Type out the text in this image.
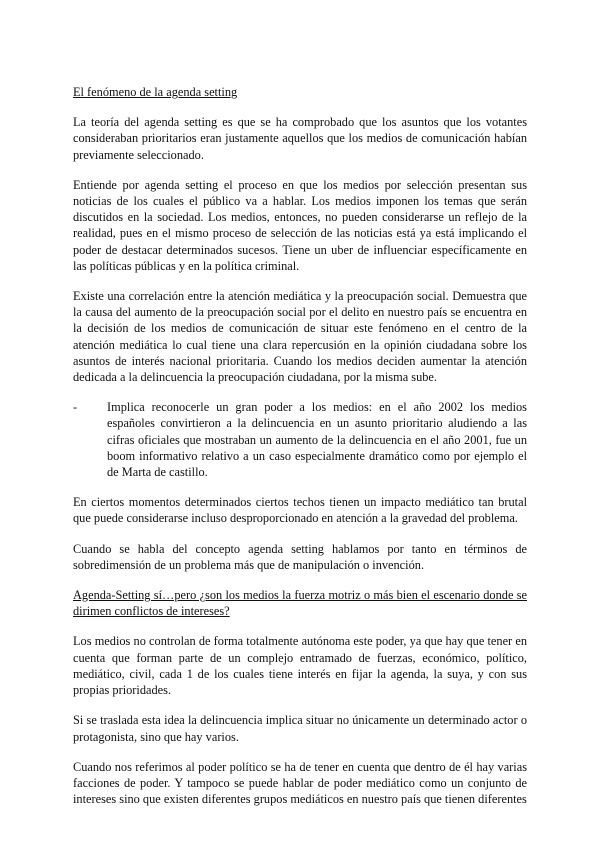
El fenómeno de la agenda setting

La teoría del agenda setting es que se ha comprobado que los asuntos que los votantes consideraban prioritarios eran justamente aquellos que los medios de comunicación habían previamente seleccionado.

Entiende por agenda setting el proceso en que los medios por selección presentan sus noticias de los cuales el público va a hablar. Los medios imponen los temas que serán discutidos en la sociedad. Los medios, entonces, no pueden considerarse un reflejo de la realidad, pues en el mismo proceso de selección de las noticias está ya está implicando el poder de destacar determinados sucesos. Tiene un uber de influenciar específicamente en las políticas públicas y en la política criminal.

Existe una correlación entre la atención mediática y la preocupación social. Demuestra que la causa del aumento de la preocupación social por el delito en nuestro país se encuentra en la decisión de los medios de comunicación de situar este fenómeno en el centro de la atención mediática lo cual tiene una clara repercusión en la opinión ciudadana sobre los asuntos de interés nacional prioritaria. Cuando los medios deciden aumentar la atención dedicada a la delincuencia la preocupación ciudadana, por la misma sube.

- Implica reconocerle un gran poder a los medios: en el año 2002 los medios españoles convirtieron a la delincuencia en un asunto prioritario aludiendo a las cifras oficiales que mostraban un aumento de la delincuencia en el año 2001, fue un boom informativo relativo a un caso especialmente dramático como por ejemplo el de Marta de castillo.

En ciertos momentos determinados ciertos techos tienen un impacto mediático tan brutal que puede considerarse incluso desproporcionado en atención a la gravedad del problema.

Cuando se habla del concepto agenda setting hablamos por tanto en términos de sobredimensión de un problema más que de manipulación o invención.

Agenda-Setting sí…pero ¿son los medios la fuerza motriz o más bien el escenario donde se dirimen conflictos de intereses?

Los medios no controlan de forma totalmente autónoma este poder, ya que hay que tener en cuenta que forman parte de un complejo entramado de fuerzas, económico, político, mediático, civil, cada 1 de los cuales tiene interés en fijar la agenda, la suya, y con sus propias prioridades.

Si se traslada esta idea la delincuencia implica situar no únicamente un determinado actor o protagonista, sino que hay varios.

Cuando nos referimos al poder político se ha de tener en cuenta que dentro de él hay varias facciones de poder. Y tampoco se puede hablar de poder mediático como un conjunto de intereses sino que existen diferentes grupos mediáticos en nuestro país que tienen diferentes
